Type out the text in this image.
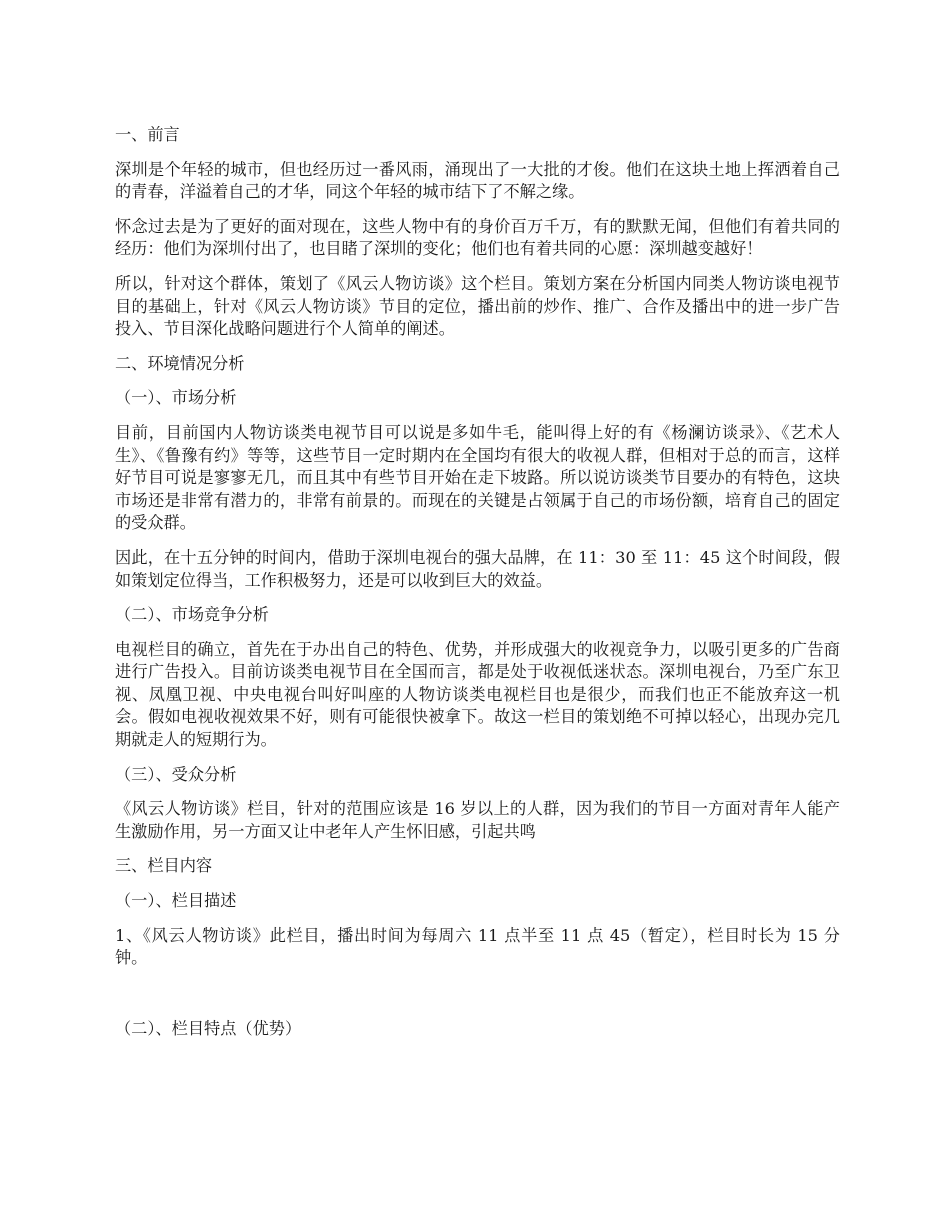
一、前言

深圳是个年轻的城市，但也经历过一番风雨，涌现出了一大批的才俊。他们在这块土地上挥洒着自己的青春，洋溢着自己的才华，同这个年轻的城市结下了不解之缘。

怀念过去是为了更好的面对现在，这些人物中有的身价百万千万，有的默默无闻，但他们有着共同的经历：他们为深圳付出了，也目睹了深圳的变化；他们也有着共同的心愿：深圳越变越好！

所以，针对这个群体，策划了《风云人物访谈》这个栏目。策划方案在分析国内同类人物访谈电视节目的基础上，针对《风云人物访谈》节目的定位，播出前的炒作、推广、合作及播出中的进一步广告投入、节目深化战略问题进行个人简单的阐述。

二、环境情况分析
（一）、市场分析

目前，目前国内人物访谈类电视节目可以说是多如牛毛，能叫得上好的有《杨澜访谈录》、《艺术人生》、《鲁豫有约》等等，这些节目一定时期内在全国均有很大的收视人群，但相对于总的而言，这样好节目可说是寥寥无几，而且其中有些节目开始在走下坡路。所以说访谈类节目要办的有特色，这块市场还是非常有潜力的，非常有前景的。而现在的关键是占领属于自己的市场份额，培育自己的固定的受众群。

因此，在十五分钟的时间内，借助于深圳电视台的强大品牌，在 11：30 至 11：45 这个时间段，假如策划定位得当，工作积极努力，还是可以收到巨大的效益。

（二）、市场竞争分析

电视栏目的确立，首先在于办出自己的特色、优势，并形成强大的收视竞争力，以吸引更多的广告商进行广告投入。目前访谈类电视节目在全国而言，都是处于收视低迷状态。深圳电视台，乃至广东卫视、凤凰卫视、中央电视台叫好叫座的人物访谈类电视栏目也是很少，而我们也正不能放弃这一机会。假如电视收视效果不好，则有可能很快被拿下。故这一栏目的策划绝不可掉以轻心，出现办完几期就走人的短期行为。

（三）、受众分析

《风云人物访谈》栏目，针对的范围应该是 16 岁以上的人群，因为我们的节目一方面对青年人能产生激励作用，另一方面又让中老年人产生怀旧感，引起共鸣

三、栏目内容
（一）、栏目描述

1、《风云人物访谈》此栏目，播出时间为每周六 11 点半至 11 点 45（暂定），栏目时长为 15 分钟。

（二）、栏目特点（优势）
